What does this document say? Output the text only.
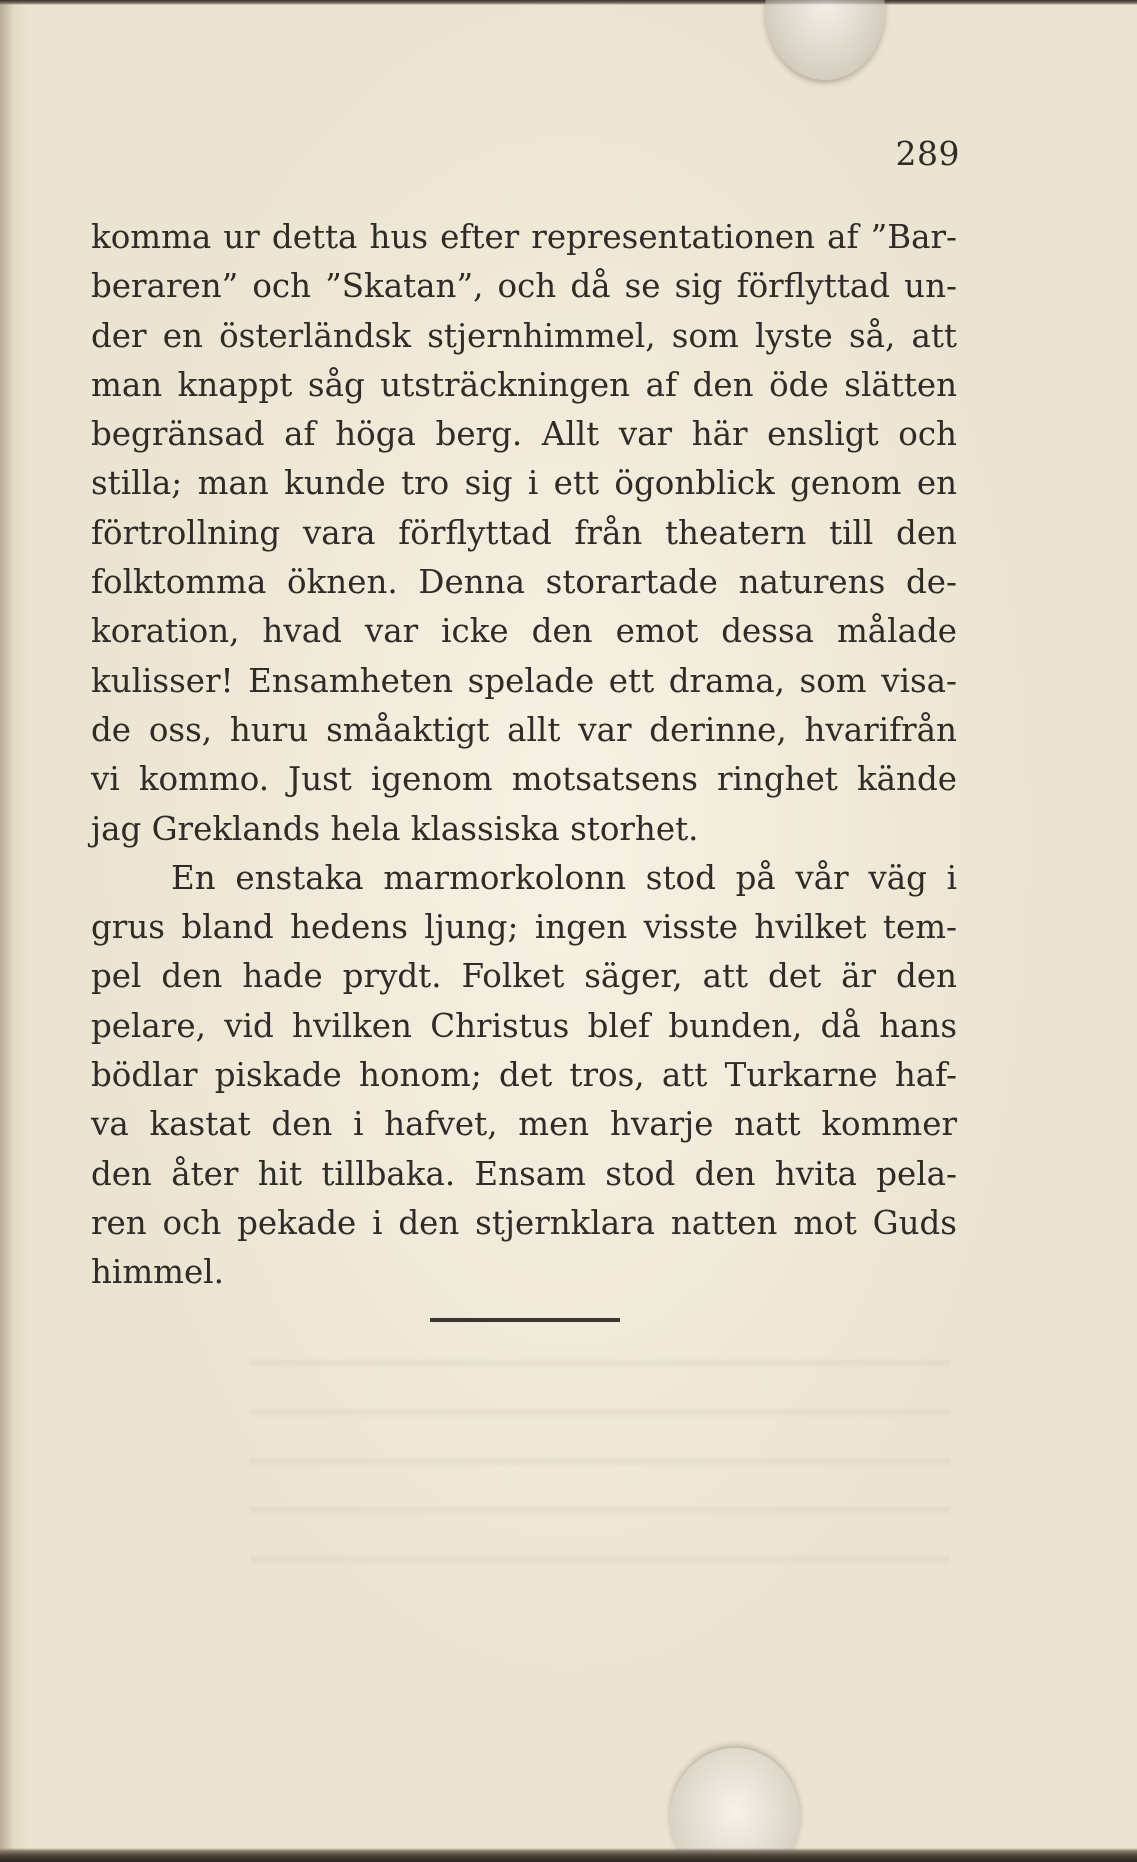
289
komma ur detta hus efter representationen af ”Bar-
beraren” och ”Skatan”, och då se sig förflyttad un-
der en österländsk stjernhimmel, som lyste så, att
man knappt såg utsträckningen af den öde slätten
begränsad af höga berg. Allt var här ensligt och
stilla; man kunde tro sig i ett ögonblick genom en
förtrollning vara förflyttad från theatern till den
folktomma öknen. Denna storartade naturens de-
koration, hvad var icke den emot dessa målade
kulisser! Ensamheten spelade ett drama, som visa-
de oss, huru småaktigt allt var derinne, hvarifrån
vi kommo. Just igenom motsatsens ringhet kände
jag Greklands hela klassiska storhet.
En enstaka marmorkolonn stod på vår väg i
grus bland hedens ljung; ingen visste hvilket tem-
pel den hade prydt. Folket säger, att det är den
pelare, vid hvilken Christus blef bunden, då hans
bödlar piskade honom; det tros, att Turkarne haf-
va kastat den i hafvet, men hvarje natt kommer
den åter hit tillbaka. Ensam stod den hvita pela-
ren och pekade i den stjernklara natten mot Guds
himmel.
